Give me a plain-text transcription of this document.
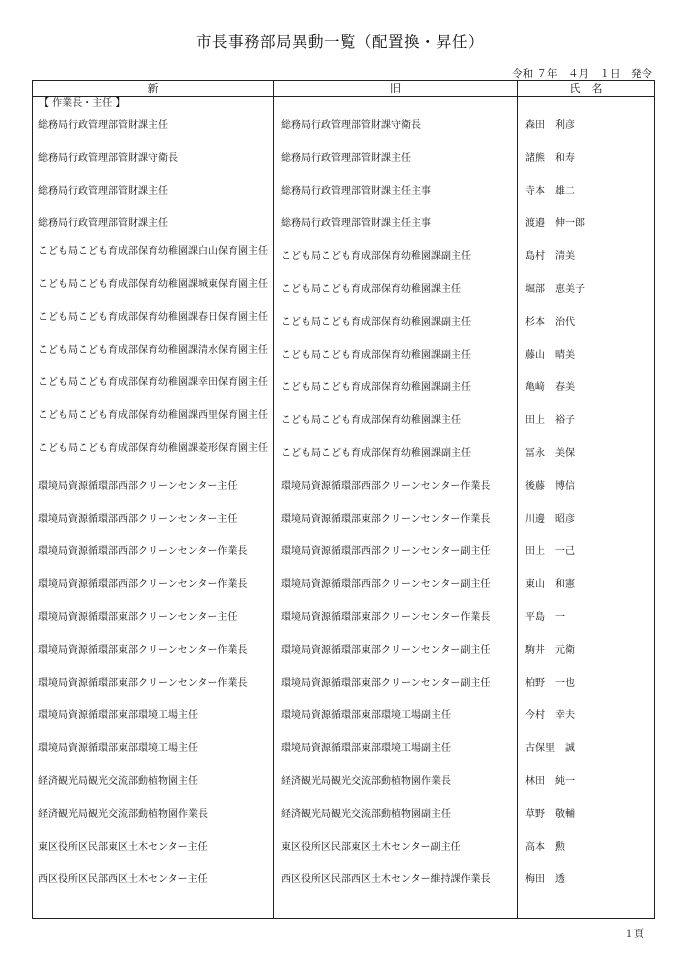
市長事務部局異動一覧（配置換・昇任）
令和 ７年　４月　１日　発令
新	旧	氏　名
【 作業長・主任 】
総務局行政管理部管財課主任	総務局行政管理部管財課守衛長	森田　利彦
総務局行政管理部管財課守衛長	総務局行政管理部管財課主任	諸熊　和寿
総務局行政管理部管財課主任	総務局行政管理部管財課主任主事	寺本　雄二
総務局行政管理部管財課主任	総務局行政管理部管財課主任主事	渡邉　伸一郎
こども局こども育成部保育幼稚園課白山保育園主任	こども局こども育成部保育幼稚園課副主任	島村　清美
こども局こども育成部保育幼稚園課城東保育園主任	こども局こども育成部保育幼稚園課主任	堀部　恵美子
こども局こども育成部保育幼稚園課春日保育園主任	こども局こども育成部保育幼稚園課副主任	杉本　治代
こども局こども育成部保育幼稚園課清水保育園主任	こども局こども育成部保育幼稚園課副主任	藤山　晴美
こども局こども育成部保育幼稚園課幸田保育園主任	こども局こども育成部保育幼稚園課副主任	亀﨑　春美
こども局こども育成部保育幼稚園課西里保育園主任	こども局こども育成部保育幼稚園課主任	田上　裕子
こども局こども育成部保育幼稚園課菱形保育園主任	こども局こども育成部保育幼稚園課副主任	冨永　美保
環境局資源循環部西部クリーンセンター主任	環境局資源循環部西部クリーンセンター作業長	後藤　博信
環境局資源循環部西部クリーンセンター主任	環境局資源循環部東部クリーンセンター作業長	川邊　昭彦
環境局資源循環部西部クリーンセンター作業長	環境局資源循環部西部クリーンセンター副主任	田上　一己
環境局資源循環部西部クリーンセンター作業長	環境局資源循環部西部クリーンセンター副主任	東山　和憲
環境局資源循環部東部クリーンセンター主任	環境局資源循環部東部クリーンセンター作業長	平島　一
環境局資源循環部東部クリーンセンター作業長	環境局資源循環部東部クリーンセンター副主任	駒井　元衛
環境局資源循環部東部クリーンセンター作業長	環境局資源循環部東部クリーンセンター副主任	柏野　一也
環境局資源循環部東部環境工場主任	環境局資源循環部東部環境工場副主任	今村　幸夫
環境局資源循環部東部環境工場主任	環境局資源循環部東部環境工場副主任	古保里　誠
経済観光局観光交流部動植物園主任	経済観光局観光交流部動植物園作業長	林田　純一
経済観光局観光交流部動植物園作業長	経済観光局観光交流部動植物園副主任	草野　敬輔
東区役所区民部東区土木センター主任	東区役所区民部東区土木センター副主任	高本　勲
西区役所区民部西区土木センター主任	西区役所区民部西区土木センター維持課作業長	梅田　透
１頁
